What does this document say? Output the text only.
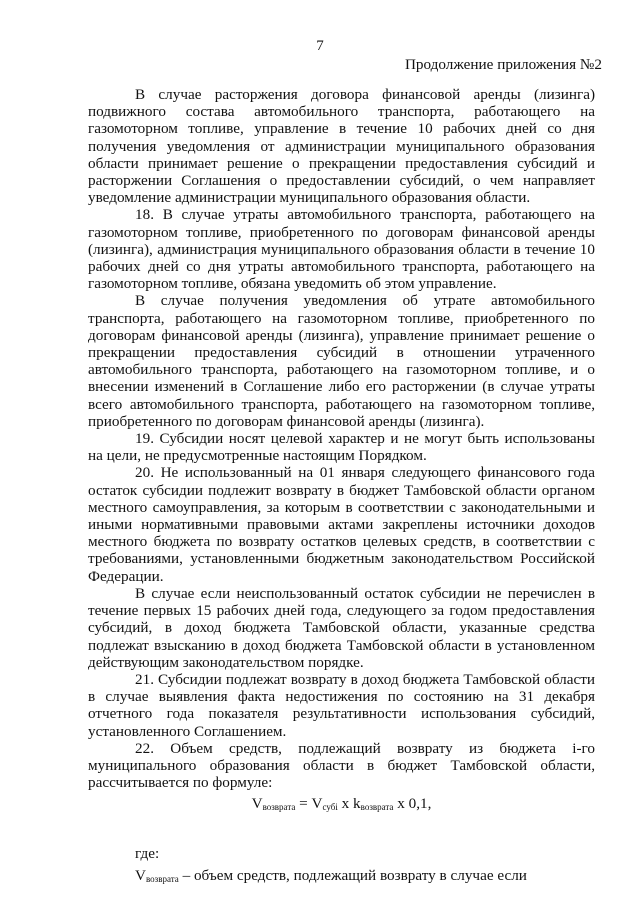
7
Продолжение приложения №2

В случае расторжения договора финансовой аренды (лизинга) подвижного состава автомобильного транспорта, работающего на газомоторном топливе, управление в течение 10 рабочих дней со дня получения уведомления от администрации муниципального образования области принимает решение о прекращении предоставления субсидий и расторжении Соглашения о предоставлении субсидий, о чем направляет уведомление администрации муниципального образования области.

18. В случае утраты автомобильного транспорта, работающего на газомоторном топливе, приобретенного по договорам финансовой аренды (лизинга), администрация муниципального образования области в течение 10 рабочих дней со дня утраты автомобильного транспорта, работающего на газомоторном топливе, обязана уведомить об этом управление.

В случае получения уведомления об утрате автомобильного транспорта, работающего на газомоторном топливе, приобретенного по договорам финансовой аренды (лизинга), управление принимает решение о прекращении предоставления субсидий в отношении утраченного автомобильного транспорта, работающего на газомоторном топливе, и о внесении изменений в Соглашение либо его расторжении (в случае утраты всего автомобильного транспорта, работающего на газомоторном топливе, приобретенного по договорам финансовой аренды (лизинга).

19. Субсидии носят целевой характер и не могут быть использованы на цели, не предусмотренные настоящим Порядком.

20. Не использованный на 01 января следующего финансового года остаток субсидии подлежит возврату в бюджет Тамбовской области органом местного самоуправления, за которым в соответствии с законодательными и иными нормативными правовыми актами закреплены источники доходов местного бюджета по возврату остатков целевых средств, в соответствии с требованиями, установленными бюджетным законодательством Российской Федерации.

В случае если неиспользованный остаток субсидии не перечислен в течение первых 15 рабочих дней года, следующего за годом предоставления субсидий, в доход бюджета Тамбовской области, указанные средства подлежат взысканию в доход бюджета Тамбовской области в установленном действующим законодательством порядке.

21. Субсидии подлежат возврату в доход бюджета Тамбовской области в случае выявления факта недостижения по состоянию на 31 декабря отчетного года показателя результативности использования субсидий, установленного Соглашением.

22. Объем средств, подлежащий возврату из бюджета i-го муниципального образования области в бюджет Тамбовской области, рассчитывается по формуле:

$V_{возврата} = V_{субi}$ x $k_{возврата}$ x 0,1,

где:

$V_{возврата}$ – объем средств, подлежащий возврату в случае если
